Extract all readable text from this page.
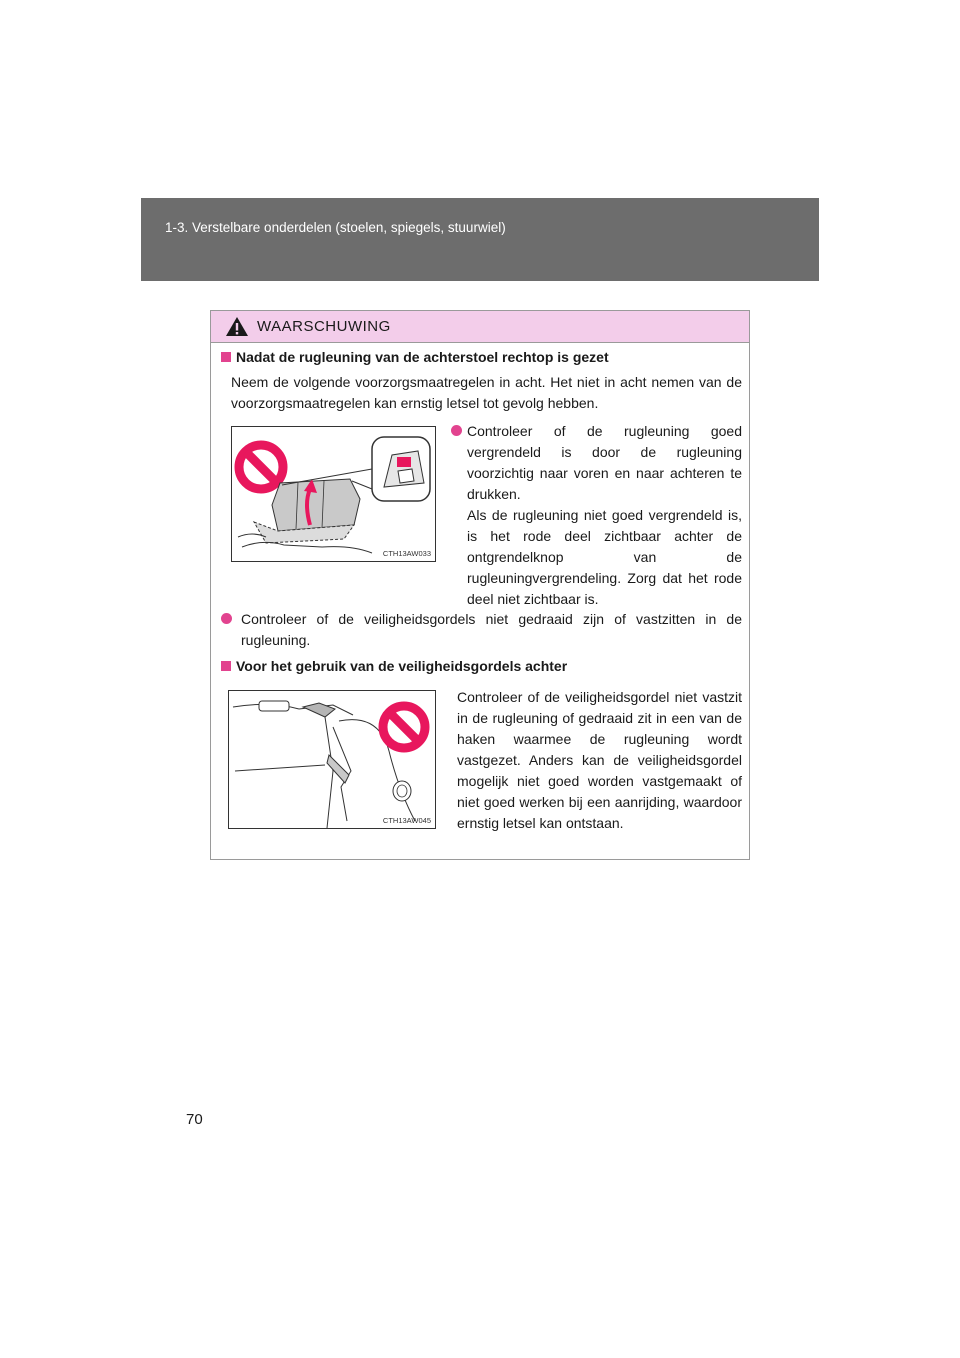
1-3. Verstelbare onderdelen (stoelen, spiegels, stuurwiel)
WAARSCHUWING
Nadat de rugleuning van de achterstoel rechtop is gezet
Neem de volgende voorzorgsmaatregelen in acht. Het niet in acht nemen van de voorzorgsmaatregelen kan ernstig letsel tot gevolg hebben.
CTH13AW033
Controleer of de rugleuning goed vergrendeld is door de rugleuning voorzichtig naar voren en naar achteren te drukken.
Als de rugleuning niet goed vergrendeld is, is het rode deel zichtbaar achter de ontgrendelknop van de rugleuningvergrendeling. Zorg dat het rode deel niet zichtbaar is.
Controleer of de veiligheidsgordels niet gedraaid zijn of vastzitten in de rugleuning.
Voor het gebruik van de veiligheidsgordels achter
CTH13AW045
Controleer of de veiligheidsgordel niet vastzit in de rugleuning of gedraaid zit in een van de haken waarmee de rugleuning wordt vastgezet. Anders kan de veiligheidsgordel mogelijk niet goed worden vastgemaakt of niet goed werken bij een aanrijding, waardoor ernstig letsel kan ontstaan.
70
